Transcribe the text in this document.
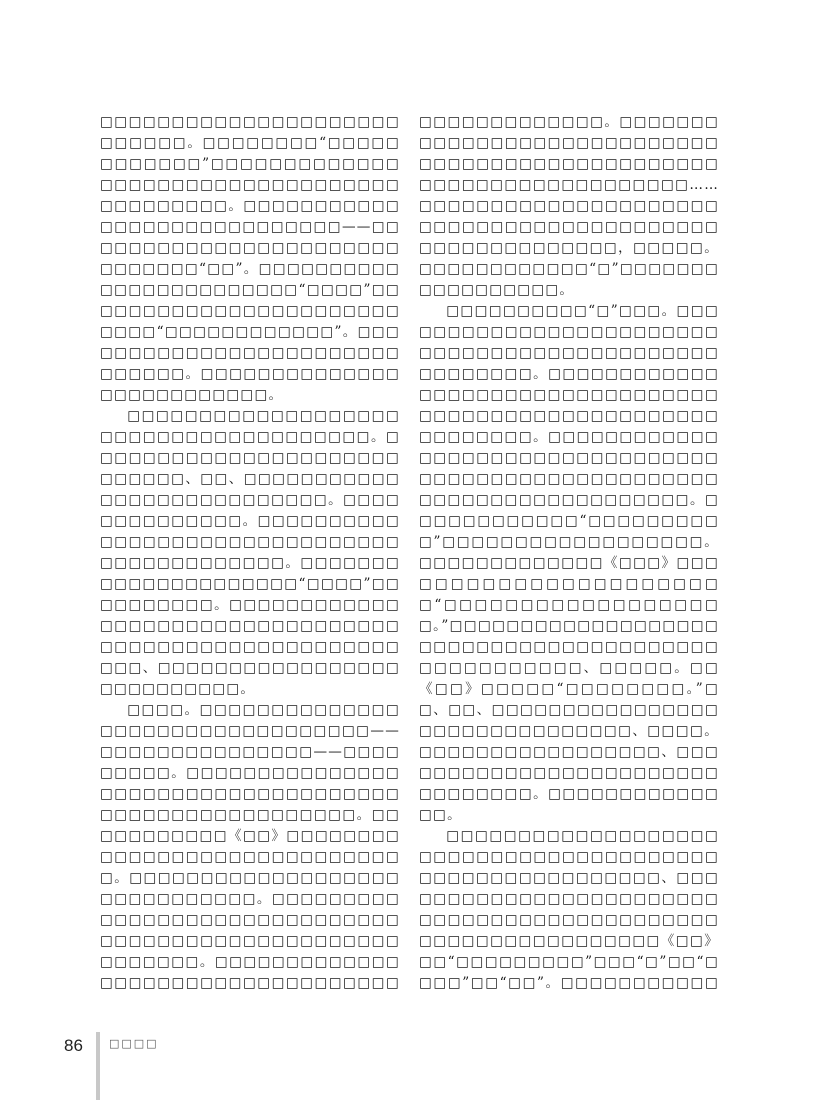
□□□□□□□□□□□□□□□□□□□□□□□□□□□。□□□□□□□□“□□□□□□□□□□□□”□□□□□□□□□□□□□□□□□□□□□□□□□□□□□□□□□□□□□□□□□□□。□□□□□□□□□□□□□□□□□□□□□□□□□□□□——□□□□□□□□□□□□□□□□□□□□□□□□□□□□□□“□□”。□□□□□□□□□□□□□□□□□□□□□□□□“□□□□”□□□□□□□□□□□□□□□□□□□□□□□□□□□“□□□□□□□□□□□□”。□□□□□□□□□□□□□□□□□□□□□□□□□□□□□□。□□□□□□□□□□□□□□□□□□□□□□□□□□。

□□□□□□□□□□□□□□□□□□□□□□□□□□□□□□□□□□□□□□。□□□□□□□□□□□□□□□□□□□□□□□□□□□□、□□、□□□□□□□□□□□□□□□□□□□□□□□□□□□。□□□□□□□□□□□□□□。□□□□□□□□□□□□□□□□□□□□□□□□□□□□□□□□□□□□□□□□□□□□。□□□□□□□□□□□□□□□□□□□□□“□□□□”□□□□□□□□□□。□□□□□□□□□□□□□□□□□□□□□□□□□□□□□□□□□□□□□□□□□□□□□□□□□□□□□□□□□、□□□□□□□□□□□□□□□□□□□□□□□□□□□。

□□□□。□□□□□□□□□□□□□□□□□□□□□□□□□□□□□□□□□——□□□□□□□□□□□□□□□——□□□□□□□□□。□□□□□□□□□□□□□□□□□□□□□□□□□□□□□□□□□□□□□□□□□□□□□□□□□□□□□□。□□□□□□□□□□□《□□》□□□□□□□□□□□□□□□□□□□□□□□□□□□□□□。□□□□□□□□□□□□□□□□□□□□□□□□□□□□□□。□□□□□□□□□□□□□□□□□□□□□□□□□□□□□□□□□□□□□□□□□□□□□□□□□□□□□□□□□□。□□□□□□□□□□□□□□□□□□□□□□□□□□□□□□□□□□

□□□□□□□□□□□□□。□□□□□□□□□□□□□□□□□□□□□□□□□□□□□□□□□□□□□□□□□□□□□□□□□□□□□□□□□□□□□□□□□□□□……□□□□□□□□□□□□□□□□□□□□□□□□□□□□□□□□□□□□□□□□□□□□□□□□□□□□□□□□，□□□□□。□□□□□□□□□□□□“□”□□□□□□□□□□□□□□□□□。

□□□□□□□□□□“□”□□□。□□□□□□□□□□□□□□□□□□□□□□□□□□□□□□□□□□□□□□□□□□□□□□□□□□□□□。□□□□□□□□□□□□□□□□□□□□□□□□□□□□□□□□□□□□□□□□□□□□□□□□□□□□□□□□□□□□□□。□□□□□□□□□□□□□□□□□□□□□□□□□□□□□□□□□□□□□□□□□□□□□□□□□□□□□□□□□□□□□□□□□□□□□□□□□。□□□□□□□□□□□□“□□□□□□□□□□”□□□□□□□□□□□□□□□□□□。□□□□□□□□□□□□□《□□□》□□□□□□□□□□□□□□□□□□□□□□□“□□□□□□□□□□□□□□□□□□□。”□□□□□□□□□□□□□□□□□□□□□□□□□□□□□□□□□□□□□□□□□□□□□□□□□□□、□□□□□。□□《□□》□□□□□“□□□□□□□□。”□□、□□、□□□□□□□□□□□□□□□□□□□□□□□□□□□□□□□、□□□□。□□□□□□□□□□□□□□□□□、□□□□□□□□□□□□□□□□□□□□□□□□□□□□□□□□。□□□□□□□□□□□□□□。

□□□□□□□□□□□□□□□□□□□□□□□□□□□□□□□□□□□□□□□□□□□□□□□□□□□□□□□□□、□□□□□□□□□□□□□□□□□□□□□□□□□□□□□□□□□□□□□□□□□□□□□□□□□□□□□□□□□□□□□□《□□》□□“□□□□□□□□□”□□□“□”□□“□□□□”□□“□□”。□□□□□□□□□□□

86 □□□□
